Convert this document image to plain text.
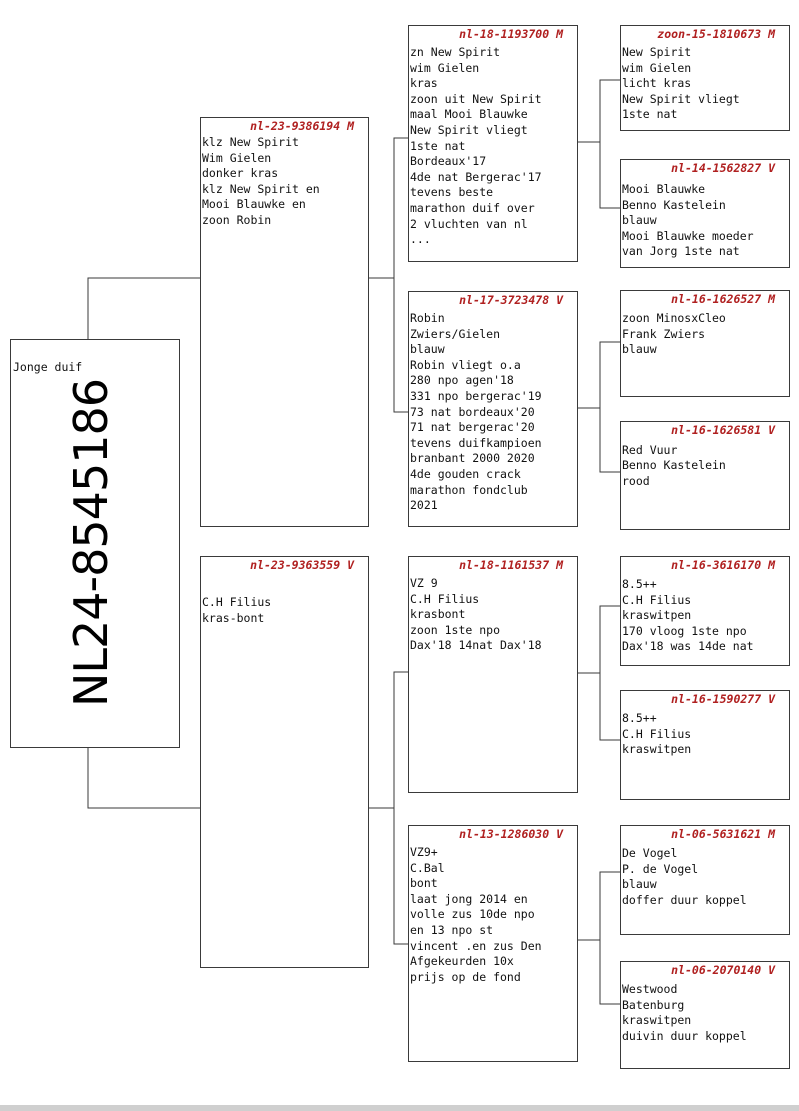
Jonge duif
NL24-8545186
nl-23-9386194 M
klz New Spirit
Wim Gielen
donker kras
klz New Spirit en
Mooi Blauwke en
zoon Robin
nl-23-9363559 V
C.H Filius
kras-bont
nl-18-1193700 M
zn New Spirit
wim Gielen
kras
zoon uit New Spirit
maal Mooi Blauwke
New Spirit vliegt
1ste nat
Bordeaux'17
4de nat Bergerac'17
tevens beste
marathon duif over
2 vluchten van nl
...
nl-17-3723478 V
Robin
Zwiers/Gielen
blauw
Robin vliegt o.a
280 npo agen'18
331 npo bergerac'19
73 nat bordeaux'20
71 nat bergerac'20
tevens duifkampioen
branbant 2000 2020
4de gouden crack
marathon fondclub
2021
nl-18-1161537 M
VZ 9
C.H Filius
krasbont
zoon 1ste npo
Dax'18 14nat Dax'18
nl-13-1286030 V
VZ9+
C.Bal
bont
laat jong 2014 en
volle zus 10de npo
en 13 npo st
vincent .en zus Den
Afgekeurden 10x
prijs op de fond
zoon-15-1810673 M
New Spirit
wim Gielen
licht kras
New Spirit vliegt
1ste nat
nl-14-1562827 V
Mooi Blauwke
Benno Kastelein
blauw
Mooi Blauwke moeder
van Jorg 1ste nat
nl-16-1626527 M
zoon MinosxCleo
Frank Zwiers
blauw
nl-16-1626581 V

Red Vuur
Benno Kastelein
rood
nl-16-3616170 M
8.5++
C.H Filius
kraswitpen
170 vloog 1ste npo
Dax'18 was 14de nat
nl-16-1590277 V
8.5++
C.H Filius
kraswitpen
nl-06-5631621 M
De Vogel
P. de Vogel
blauw
doffer duur koppel
nl-06-2070140 V
Westwood
Batenburg
kraswitpen
duivin duur koppel
